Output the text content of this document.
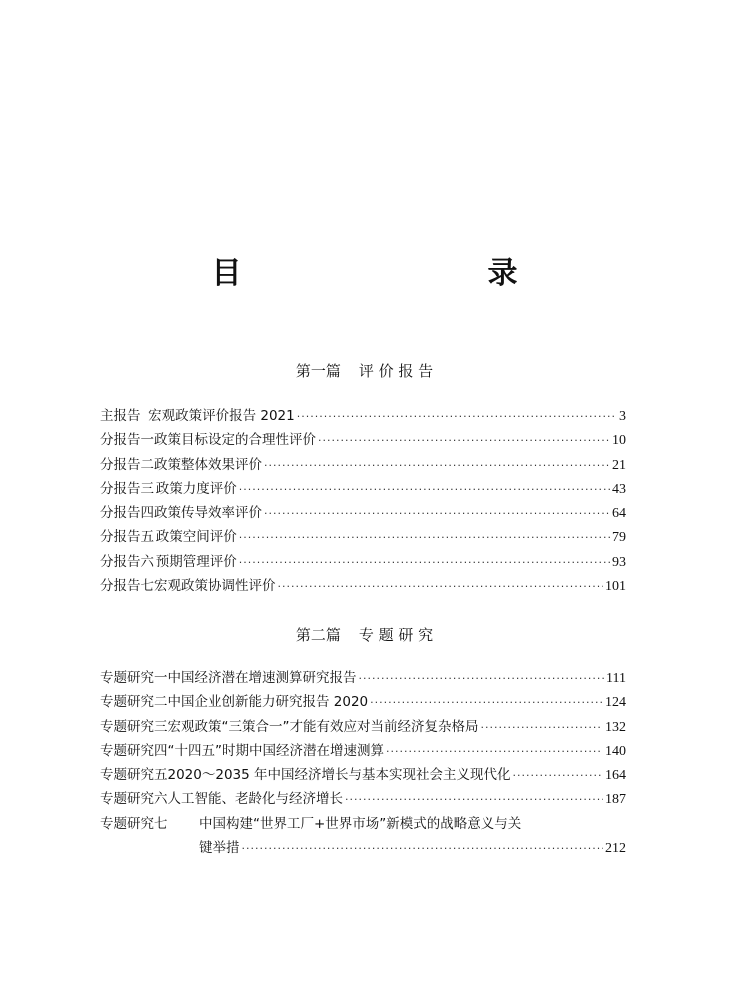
目　　录
第一篇 评 价 报 告
主报告 宏观政策评价报告 2021 ·····	3
分报告一 政策目标设定的合理性评价 ·····	10
分报告二 政策整体效果评价 ·····	21
分报告三 政策力度评价 ·····	43
分报告四 政策传导效率评价 ·····	64
分报告五 政策空间评价 ·····	79
分报告六 预期管理评价 ·····	93
分报告七 宏观政策协调性评价 ·····	101
第二篇 专 题 研 究
专题研究一 中国经济潜在增速测算研究报告 ·····	111
专题研究二 中国企业创新能力研究报告 2020 ·····	124
专题研究三 宏观政策“三策合一”才能有效应对当前经济复杂格局 ·····	132
专题研究四 “十四五”时期中国经济潜在增速测算 ·····	140
专题研究五 2020～2035 年中国经济增长与基本实现社会主义现代化 ·····	164
专题研究六 人工智能、老龄化与经济增长 ·····	187
专题研究七	中国构建“世界工厂+世界市场”新模式的战略意义与关
键举措 ·····	212
